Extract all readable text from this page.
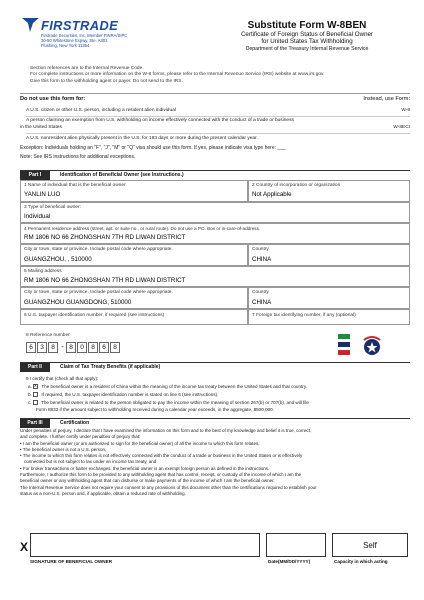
FIRSTRADE
Firstrade Securities, Inc. Member FINRA/SIPC
30-50 Whitestone Expwy, Ste. A301
Flushing, New York 11354
Substitute Form W-8BEN
Certificate of Foreign Status of Beneficial Owner
for United States Tax Withholding
Department of the Treasury Internal Revenue Service
Section references are to the Internal Revenue Code.
For complete instructions or more information on the W-8 forms, please refer to the Internal Revenue Service (IRS) website at www.irs.gov.
Give this form to the withholding agent or payer. Do not send to the IRS.
Do not use this form for:	Instead, use Form:
A U.S. citizen or other U.S. person, including a resident alien individual	W-9
A person claiming an exemption from U.S. withholding on income effectively connected with the conduct of a trade or business
in the United States	W-8ECI
A U.S. nonresident alien physically present in the U.S. for 183 days or more during the present calendar year.
Exception: Individuals holding an "F", "J", "M" or "Q" visa should use this form. If yes, please indicate visa type here: ___
Note: See IRS instructions for additional exceptions.
Part I	Identification of Beneficial Owner (see Instructions.)
1 Name of individual that is the beneficial owner
YANLIN LUO
2 Country of incorporation or organization
Not Applicable
3 Type of beneficial owner:
Individual
4 Permanent residence address (street, apt. or suite no., or rural route). Do not use a PO. Box or in-care-of-address.
RM 1806 NO 66 ZHONGSHAN 7TH RD LIWAN DISTRICT
City or town, state or province. Include postal code where appropriate.
GUANGZHOU, , 510000
Country
CHINA
5 Mailing address
RM 1806 NO 66 ZHONGSHAN 7TH RD LIWAN DISTRICT
City or town, state or province. Include postal code where appropriate.
GUANGZHOU GUANGDONG, 510000
Country
CHINA
6 U.S. taxpayer identification number, if required (see instructions)	7 Foreign tax identifying number, if any (optional)
8 Reference number
6	3	8 - 8	0	8	6	8
Part II	Claim of Tax Treaty Benefits (if applicable)
9 I certify that (check all that apply):
a. x The beneficial owner is a resident of China within the meaning of the income tax treaty between the United States and that country.
b. If required, the U.S. taxpayer identification number is stated on line 6 (see instructions).
c. The beneficial owner is related to the person obligated to pay the income within the meaning of section 267(b) or 707(b), and will file
Form 8833 if the amount subject to withholding received during a calendar year exceeds, in the aggregate, $500,000.
Part III	Certification

Under penalties of perjury, I declare that I have examined the information on this form and to the best of my knowledge and belief it is true, correct,

and complete. I further certify under penalties of perjury that:

• I am the beneficial owner (or am authorized to sign for the beneficial owner) of all the income to which this form relates,

• The beneficial owner is not a U.S. person,

• The income to which this form relates is not effectively connected with the conduct of a trade or business in the United States or is effectively

connected but is not subject to tax under an income tax treaty, and

• For broker transactions or barter exchanges, the beneficial owner is an exempt foreign person as defined in the instructions.

Furthermore, I authorize this form to be provided to any withholding agent that has control, receipt, or custody of the income of which I am the

beneficial owner or any withholding agent that can disburse or make payments of the income of which I am the beneficial owner.

The Internal Revenue Service does not require your consent to any provisions of this document other than the certifications required to establish your

status as a non-U.S. person and, if applicable, obtain a reduced rate of withholding.

X
SIGNATURE OF BENEFICIAL OWNER	Date(MM/DD/YYYY)
Self
Capacity in which acting
